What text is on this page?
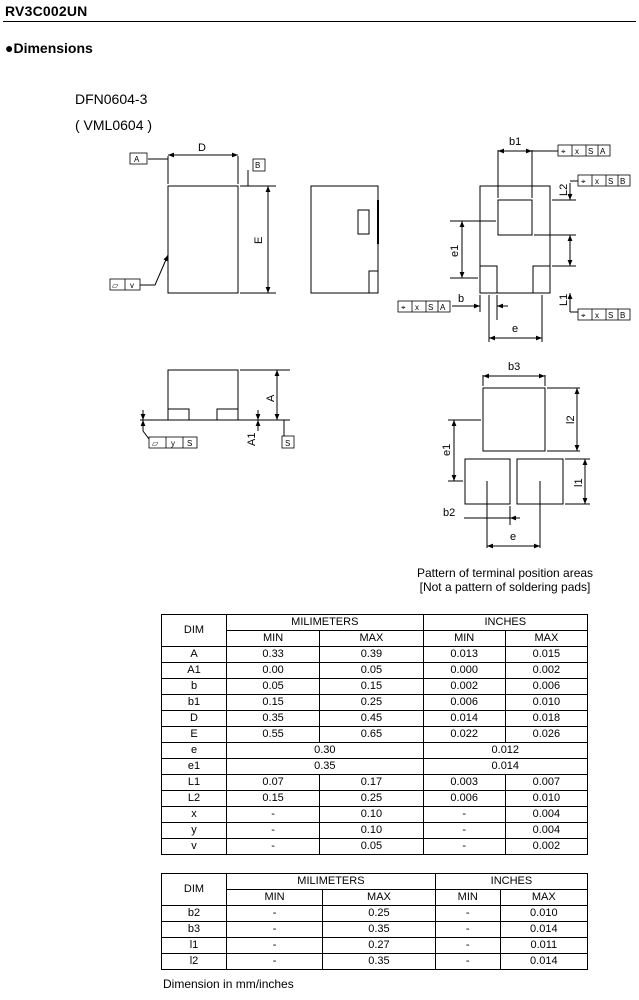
RV3C002UN
●Dimensions
DFN0604-3
( VML0604 )
D
A
B
E
⏥ v
b1
⌖ x S A
L2
⌖ x S B
e1
b
⌖ x S A
L1
⌖ x S B
e
A
A1	S
⏥ y S
b3
l2
e1
l1
b2
e
Pattern of terminal position areas
[Not a pattern of soldering pads]
DIM	MILIMETERS		INCHES	
	MIN	MAX	MIN	MAX
A	0.33	0.39	0.013	0.015
A1	0.00	0.05	0.000	0.002
b	0.05	0.15	0.002	0.006
b1	0.15	0.25	0.006	0.010
D	0.35	0.45	0.014	0.018
E	0.55	0.65	0.022	0.026
e	0.30		0.012	
e1	0.35		0.014	
L1	0.07	0.17	0.003	0.007
L2	0.15	0.25	0.006	0.010
x	-	0.10	-	0.004
y	-	0.10	-	0.004
v	-	0.05	-	0.002
DIM	MILIMETERS		INCHES	
	MIN	MAX	MIN	MAX
b2	-	0.25	-	0.010
b3	-	0.35	-	0.014
l1	-	0.27	-	0.011
l2	-	0.35	-	0.014
Dimension in mm/inches
